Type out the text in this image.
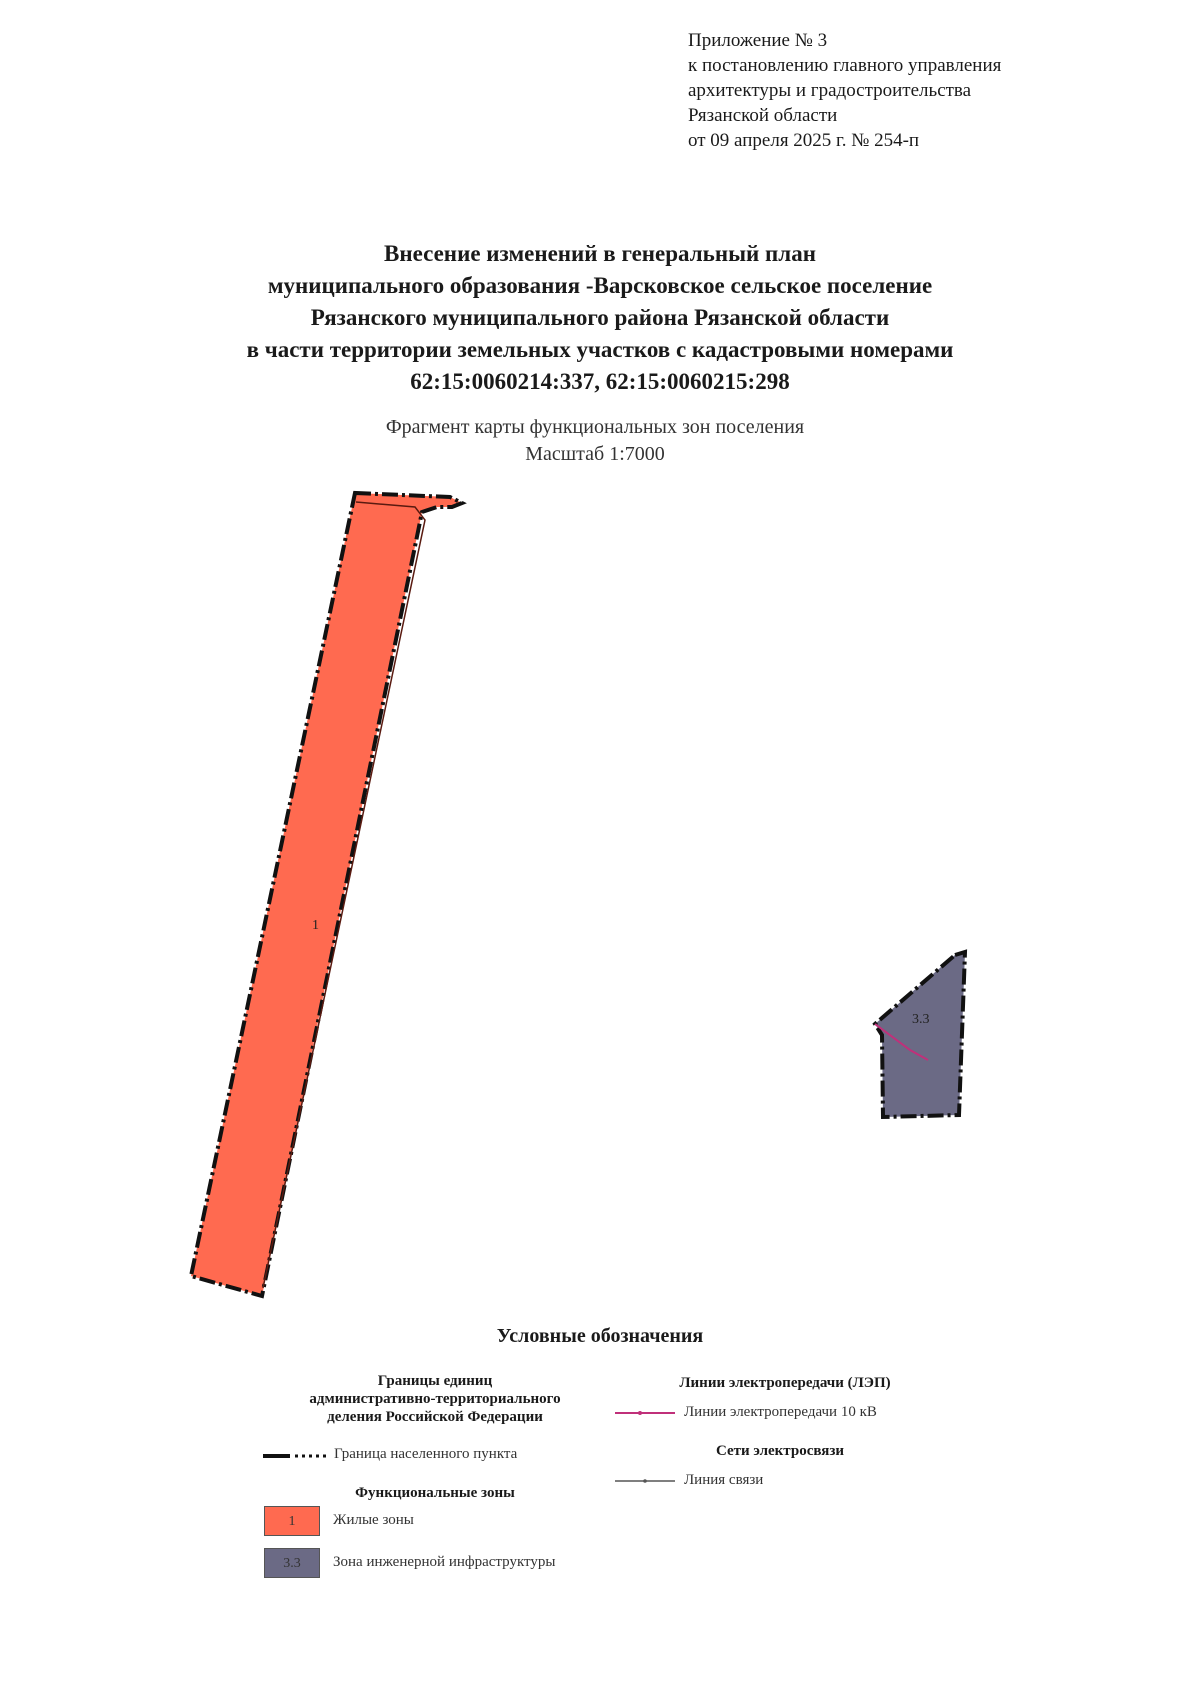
Приложение № 3
к постановлению главного управления
архитектуры и градостроительства
Рязанской области
от 09 апреля 2025 г. № 254-п
Внесение изменений в генеральный план
муниципального образования -Варсковское сельское поселение
Рязанского муниципального района Рязанской области
в части территории земельных участков с кадастровыми номерами
62:15:0060214:337, 62:15:0060215:298
Фрагмент карты функциональных зон поселения
Масштаб 1:7000
1
3.3
Условные обозначения
Границы единиц
административно-территориального
деления Российской Федерации
Граница населенного пункта
Функциональные зоны
1	Жилые зоны
3.3	Зона инженерной инфраструктуры
Линии электропередачи (ЛЭП)
Линии электропередачи 10 кВ
Сети электросвязи
Линия связи
